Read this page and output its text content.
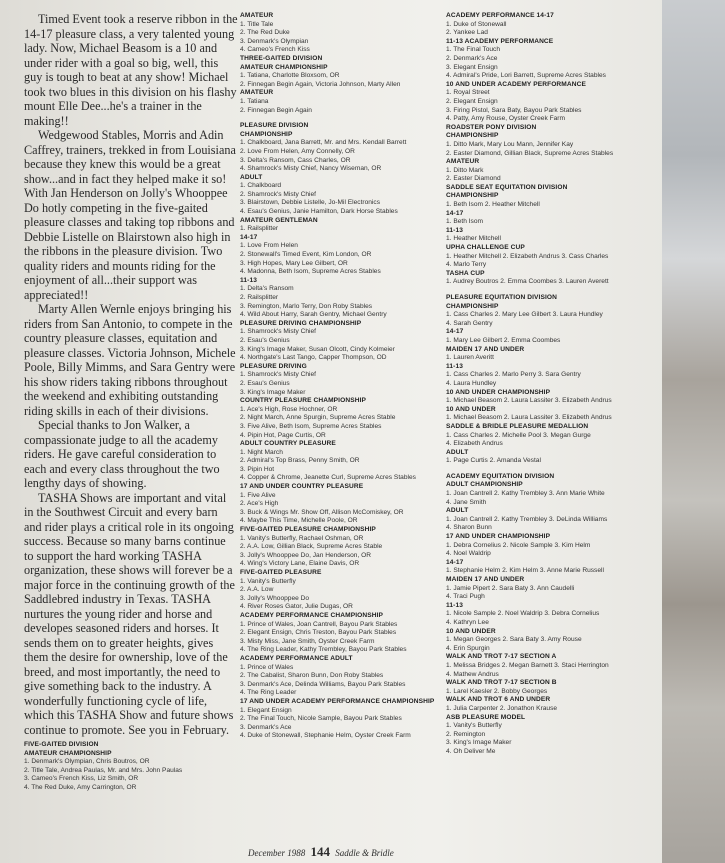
Timed Event took a reserve ribbon in the 14-17 pleasure class, a very talented young lady. Now, Michael Beasom is a 10 and under rider with a goal so big, well, this guy is tough to beat at any show! Michael took two blues in this division on his flashy mount Elle Dee...he's a trainer in the making!!

Wedgewood Stables, Morris and Adin Caffrey, trainers, trekked in from Louisiana because they knew this would be a great show...and in fact they helped make it so! With Jan Henderson on Jolly's Whooppee Do hotly competing in the five-gaited pleasure classes and taking top ribbons and Debbie Listelle on Blairstown also high in the ribbons in the pleasure division. Two quality riders and mounts riding for the enjoyment of all...their support was appreciated!!

Marty Allen Wernle enjoys bringing his riders from San Antonio, to compete in the country pleasure classes, equitation and pleasure classes. Victoria Johnson, Michele Poole, Billy Mimms, and Sara Gentry were his show riders taking ribbons throughout the weekend and exhibiting outstanding riding skills in each of their divisions.

Special thanks to Jon Walker, a compassionate judge to all the academy riders. He gave careful consideration to each and every class throughout the two lengthy days of showing.

TASHA Shows are important and vital in the Southwest Circuit and every barn and rider plays a critical role in its ongoing success. Because so many barns continue to support the hard working TASHA organization, these shows will forever be a major force in the continuing growth of the Saddlebred industry in Texas. TASHA nurtures the young rider and horse and developes seasoned riders and horses. It sends them on to greater heights, gives them the desire for ownership, love of the breed, and most importantly, the need to give something back to the industry. A wonderfully functioning cycle of life, which this TASHA Show and future shows continue to promote. See you in February.

FIVE-GAITED DIVISION
AMATEUR CHAMPIONSHIP
1. Denmark's Olympian, Chris Boutros, OR
2. Title Tale, Andrea Paulas, Mr. and Mrs. John Paulas
3. Cameo's French Kiss, Liz Smith, OR
4. The Red Duke, Amy Carrington, OR
AMATEUR
1. Title Tale
2. The Red Duke
3. Denmark's Olympian
4. Cameo's French Kiss
THREE-GAITED DIVISION
AMATEUR CHAMPIONSHIP
1. Tatiana, Charlotte Bloxsom, OR
2. Finnegan Begin Again, Victoria Johnson, Marty Allen
AMATEUR
1. Tatiana
2. Finnegan Begin Again
PLEASURE DIVISION
CHAMPIONSHIP
1. Chalkboard, Jana Barrett, Mr. and Mrs. Kendall Barrett
2. Love From Helen, Amy Connelly, OR
3. Delta's Ransom, Cass Charles, OR
4. Shamrock's Misty Chief, Nancy Wiseman, OR
ADULT
1. Chalkboard
2. Shamrock's Misty Chief
3. Blairstown, Debbie Listelle, Jo-Mil Electronics
4. Esau's Genius, Janie Hamilton, Dark Horse Stables
AMATEUR GENTLEMAN
1. Railsplitter
14-17
1. Love From Helen
2. Stonewall's Timed Event, Kim London, OR
3. High Hopes, Mary Lee Gilbert, OR
4. Madonna, Beth Isom, Supreme Acres Stables
11-13
1. Delta's Ransom
2. Railsplitter
3. Remington, Marlo Terry, Don Roby Stables
4. Wild About Harry, Sarah Gentry, Michael Gentry
PLEASURE DRIVING CHAMPIONSHIP
1. Shamrock's Misty Chief
2. Esau's Genius
3. King's Image Maker, Susan Olcott, Cindy Kolmeier
4. Northgate's Last Tango, Capper Thompson, OD
PLEASURE DRIVING
1. Shamrock's Misty Chief
2. Esau's Genius
3. King's Image Maker
COUNTRY PLEASURE CHAMPIONSHIP
1. Ace's High, Rose Hochner, OR
2. Night March, Anne Spurgin, Supreme Acres Stable
3. Five Alive, Beth Isom, Supreme Acres Stables
4. Pipin Hot, Page Curtis, OR
ADULT COUNTRY PLEASURE
1. Night March
2. Admiral's Top Brass, Penny Smith, OR
3. Pipin Hot
4. Copper & Chrome, Jeanette Curl, Supreme Acres Stables
17 AND UNDER COUNTRY PLEASURE
1. Five Alive
2. Ace's High
3. Buck & Wings Mr. Show Off, Allison McComiskey, OR
4. Maybe This Time, Michelle Poole, OR
FIVE-GAITED PLEASURE CHAMPIONSHIP
1. Vanity's Butterfly, Rachael Oshman, OR
2. A.A. Low, Gillian Black, Supreme Acres Stable
3. Jolly's Whooppee Do, Jan Henderson, OR
4. Wing's Victory Lane, Elaine Davis, OR
FIVE-GAITED PLEASURE
1. Vanity's Butterfly
2. A.A. Low
3. Jolly's Whooppee Do
4. River Roses Gator, Julie Dugas, OR
ACADEMY PERFORMANCE CHAMPIONSHIP
1. Prince of Wales, Joan Cantrell, Bayou Park Stables
2. Elegant Ensign, Chris Treston, Bayou Park Stables
3. Misty Miss, Jane Smith, Oyster Creek Farm
4. The Ring Leader, Kathy Trembley, Bayou Park Stables
ACADEMY PERFORMANCE ADULT
1. Prince of Wales
2. The Cabalist, Sharon Bunn, Don Roby Stables
3. Denmark's Ace, Delinda Williams, Bayou Park Stables
4. The Ring Leader
17 AND UNDER ACADEMY PERFORMANCE CHAMPIONSHIP
1. Elegant Ensign
2. The Final Touch, Nicole Sample, Bayou Park Stables
3. Denmark's Ace
4. Duke of Stonewall, Stephanie Helm, Oyster Creek Farm
ACADEMY PERFORMANCE 14-17
1. Duke of Stonewall
2. Yankee Lad
11-13 ACADEMY PERFORMANCE
1. The Final Touch
2. Denmark's Ace
3. Elegant Ensign
4. Admiral's Pride, Lori Barrett, Supreme Acres Stables
10 AND UNDER ACADEMY PERFORMANCE
1. Royal Street
2. Elegant Ensign
3. Firing Pistol, Sara Baty, Bayou Park Stables
4. Patty, Amy Rouse, Oyster Creek Farm
ROADSTER PONY DIVISION
CHAMPIONSHIP
1. Ditto Mark, Mary Lou Mann, Jennifer Kay
2. Easter Diamond, Gillian Black, Supreme Acres Stables
AMATEUR
1. Ditto Mark
2. Easter Diamond
SADDLE SEAT EQUITATION DIVISION
CHAMPIONSHIP
1. Beth Isom 2. Heather Mitchell
14-17
1. Beth Isom
11-13
1. Heather Mitchell
UPHA CHALLENGE CUP
1. Heather Mitchell 2. Elizabeth Andrus 3. Cass Charles
4. Marlo Terry
TASHA CUP
1. Audrey Boutros 2. Emma Coombes 3. Lauren Averett
PLEASURE EQUITATION DIVISION
CHAMPIONSHIP
1. Cass Charles 2. Mary Lee Gilbert 3. Laura Hundley
4. Sarah Gentry
14-17
1. Mary Lee Gilbert 2. Emma Coombes
MAIDEN 17 AND UNDER
1. Lauren Averitt
11-13
1. Cass Charles 2. Marlo Perry 3. Sara Gentry
4. Laura Hundley
10 AND UNDER CHAMPIONSHIP
1. Michael Beasom 2. Laura Lassiter 3. Elizabeth Andrus
10 AND UNDER
1. Michael Beasom 2. Laura Lassiter 3. Elizabeth Andrus
SADDLE & BRIDLE PLEASURE MEDALLION
1. Cass Charles 2. Michelle Pool 3. Megan Gurge
4. Elizabeth Andrus
ADULT
1. Page Curtis 2. Amanda Vestal
ACADEMY EQUITATION DIVISION
ADULT CHAMPIONSHIP
1. Joan Cantrell 2. Kathy Trembley 3. Ann Marie White
4. Jane Smith
ADULT
1. Joan Cantrell 2. Kathy Trembley 3. DeLinda Williams
4. Sharon Bunn
17 AND UNDER CHAMPIONSHIP
1. Debra Cornelius 2. Nicole Sample 3. Kim Helm
4. Noel Waldrip
14-17
1. Stephanie Helm 2. Kim Helm 3. Anne Marie Russell
MAIDEN 17 AND UNDER
1. Jamie Pipert 2. Sara Baty 3. Ann Caudelli
4. Traci Pugh
11-13
1. Nicole Sample 2. Noel Waldrip 3. Debra Cornelius
4. Kathryn Lee
10 AND UNDER
1. Megan Georges 2. Sara Baty 3. Amy Rouse
4. Erin Spurgin
WALK AND TROT 7-17 SECTION A
1. Melissa Bridges 2. Megan Barnett 3. Staci Herrington
4. Mathew Andrus
WALK AND TROT 7-17 SECTION B
1. Larel Kaesler 2. Bobby Georges
WALK AND TROT 6 AND UNDER
1. Julia Carpenter 2. Jonathon Krause
ASB PLEASURE MODEL
1. Vanity's Butterfly
2. Remington
3. King's Image Maker
4. Oh Deliver Me
December 1988 144 Saddle & Bridle
